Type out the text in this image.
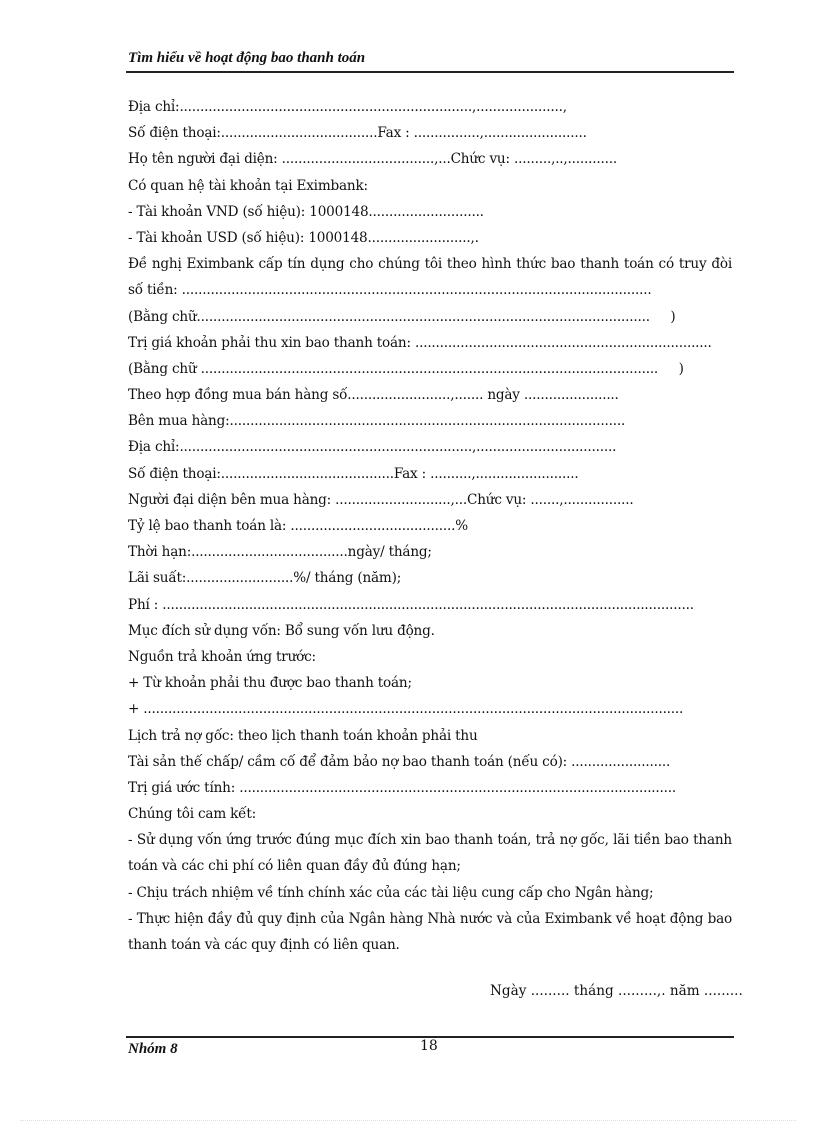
Tìm hiểu về hoạt động bao thanh toán

Địa chỉ:.......................................................................,.....................,

Số điện thoại:......................................Fax : ................,.........................

Họ tên người đại diện: .....................................,...Chức vụ: .........,..,............

Có quan hệ tài khoản tại Eximbank:

- Tài khoản VND (số hiệu): 1000148............................

- Tài khoản USD (số hiệu): 1000148.........................,.

Đề nghị Eximbank cấp tín dụng cho chúng tôi theo hình thức bao thanh toán có truy đòi số tiền: ..................................................................................................................

(Bằng chữ..............................................................................................................     )

Trị giá khoản phải thu xin bao thanh toán: ........................................................................

(Bằng chữ ...............................................................................................................     )

Theo hợp đồng mua bán hàng số.........................,....... ngày .......................

Bên mua hàng:................................................................................................

Địa chỉ:.......................................................................,..................................

Số điện thoại:..........................................Fax : ..........,.........................

Người đại diện bên mua hàng: ............................,...Chức vụ: .......,.................

Tỷ lệ bao thanh toán là: ........................................%

Thời hạn:......................................ngày/ tháng;

Lãi suất:..........................%/ tháng (năm);

Phí : .................................................................................................................................

Mục đích sử dụng vốn: Bổ sung vốn lưu động.

Nguồn trả khoản ứng trước:

+ Từ khoản phải thu được bao thanh toán;

+ ...................................................................................................................................

Lịch trả nợ gốc: theo lịch thanh toán khoản phải thu

Tài sản thế chấp/ cầm cố để đảm bảo nợ bao thanh toán (nếu có): ........................

Trị giá ước tính: ..........................................................................................................

Chúng tôi cam kết:

- Sử dụng vốn ứng trước đúng mục đích xin bao thanh toán, trả nợ gốc, lãi tiền bao thanh toán và các chi phí có liên quan đầy đủ đúng hạn;

- Chịu trách nhiệm về tính chính xác của các tài liệu cung cấp cho Ngân hàng;

- Thực hiện đầy đủ quy định của Ngân hàng Nhà nước và của Eximbank về hoạt động bao thanh toán và các quy định có liên quan.

Ngày ......... tháng .........,. năm .........

Nhóm 8	18
